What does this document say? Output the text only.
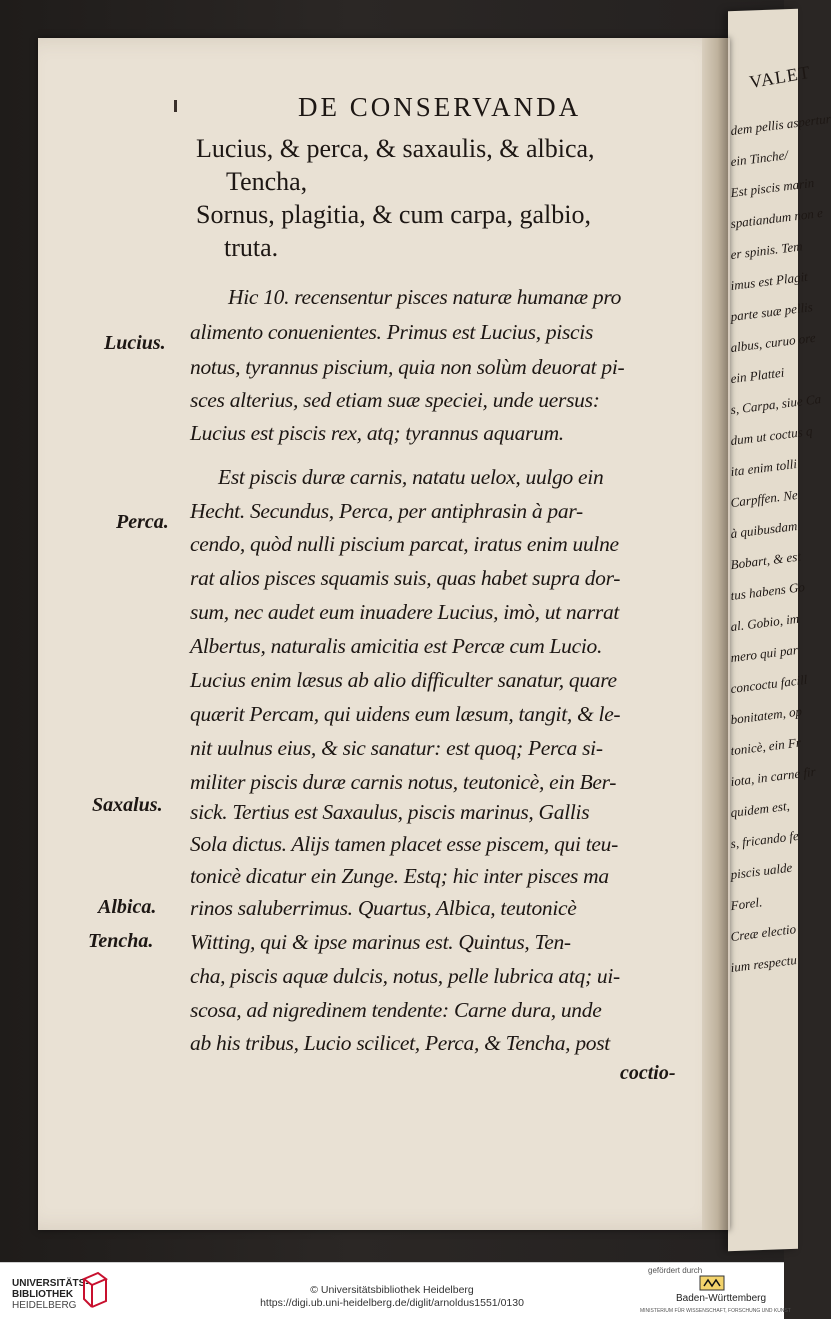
VALET
dem pellis aspertur
ein Tinche/
Est piscis marin
spatiandum non e
er spinis. Tem
imus est Plagit
parte suæ pellis
albus, curuo ore
ein Plattei
s, Carpa, siue Ca
dum ut coctus q
ita enim tolli
Carpffen. Ne
à quibusdam
Bobart, & est
tus habens Go
al. Gobio, im
mero qui par
concoctu facill
bonitatem, op
tonicè, ein Fr
iota, in carne fir
quidem est,
s, fricando fe
piscis ualde
Forel.
Creæ electio
ium respectu
DE CONSERVANDA
Lucius, & perca, & saxaulis, & albica,
Tencha,
Sornus, plagitia, & cum carpa, galbio,
truta.
Hic 10. recensentur pisces naturæ humanæ pro
alimento conuenientes. Primus est Lucius, piscis
notus, tyrannus piscium, quia non solùm deuorat pi-
sces alterius, sed etiam suæ speciei, unde uersus:
Lucius est piscis rex, atq; tyrannus aquarum.
Est piscis duræ carnis, natatu uelox, uulgo ein
Hecht. Secundus, Perca, per antiphrasin à par-
cendo, quòd nulli piscium parcat, iratus enim uulne
rat alios pisces squamis suis, quas habet supra dor-
sum, nec audet eum inuadere Lucius, imò, ut narrat
Albertus, naturalis amicitia est Percæ cum Lucio.
Lucius enim læsus ab alio difficulter sanatur, quare
quærit Percam, qui uidens eum læsum, tangit, & le-
nit uulnus eius, & sic sanatur: est quoq; Perca si-
militer piscis duræ carnis notus, teutonicè, ein Ber-
sick. Tertius est Saxaulus, piscis marinus, Gallis
Sola dictus. Alijs tamen placet esse piscem, qui teu-
tonicè dicatur ein Zunge. Estq; hic inter pisces ma
rinos saluberrimus. Quartus, Albica, teutonicè
Witting, qui & ipse marinus est. Quintus, Ten-
cha, piscis aquæ dulcis, notus, pelle lubrica atq; ui-
scosa, ad nigredinem tendente: Carne dura, unde
ab his tribus, Lucio scilicet, Perca, & Tencha, post
Lucius.
Perca.
Saxalus.
Albica.
Tencha.
coctio-
UNIVERSITÄTS-
BIBLIOTHEK
HEIDELBERG
© Universitätsbibliothek Heidelberg
https://digi.ub.uni-heidelberg.de/diglit/arnoldus1551/0130
gefördert durch
Baden-Württemberg
MINISTERIUM FÜR WISSENSCHAFT, FORSCHUNG UND KUNST
